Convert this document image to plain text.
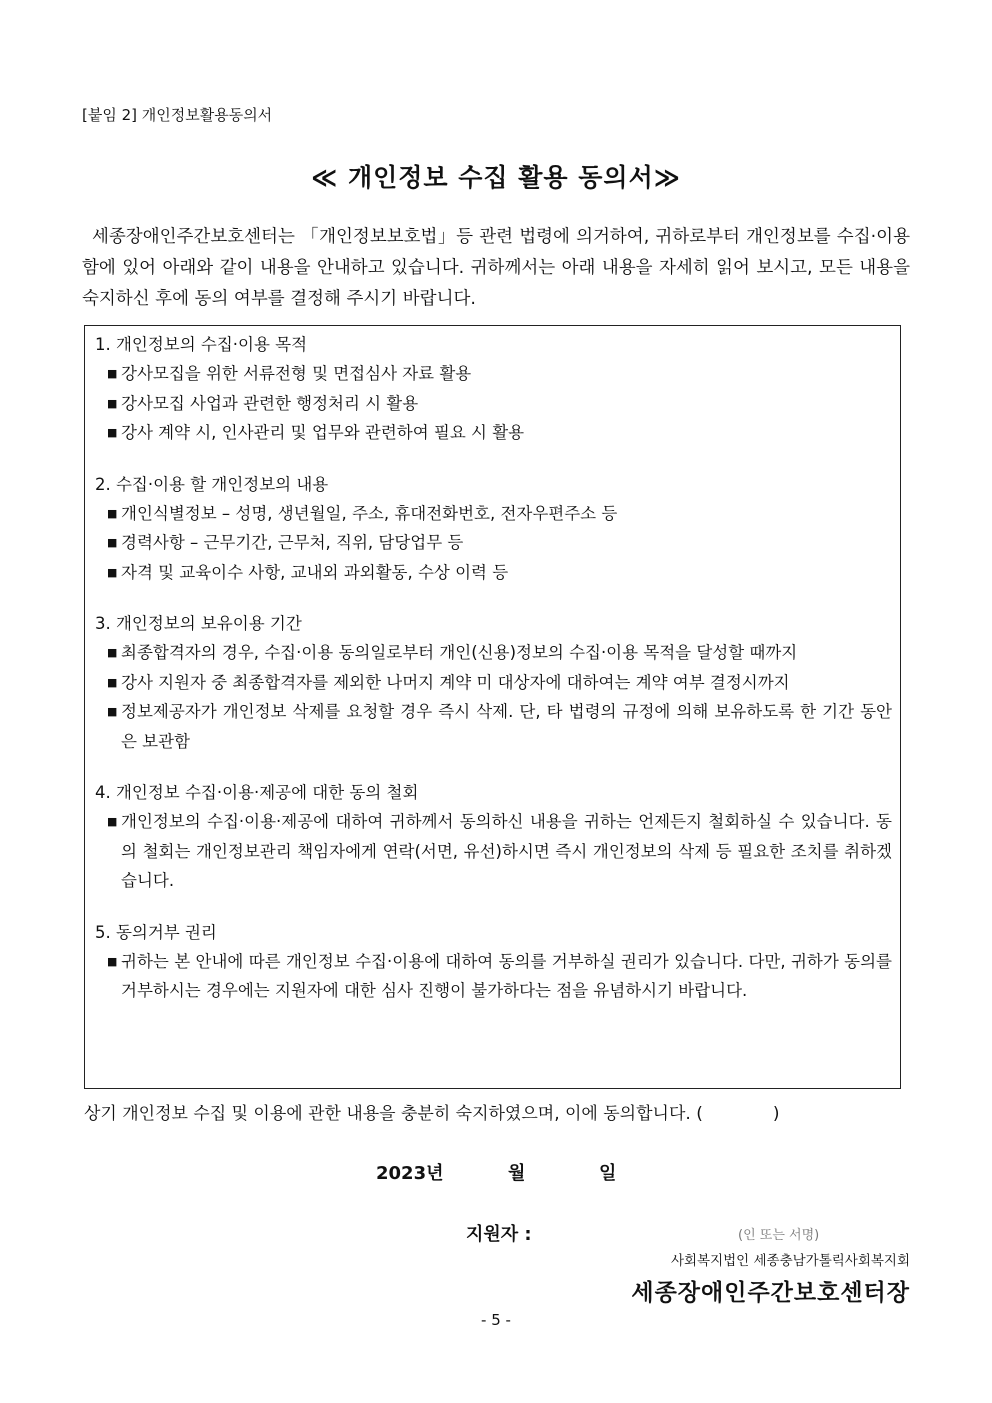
[붙임 2] 개인정보활용동의서
≪ 개인정보 수집 활용 동의서≫
세종장애인주간보호센터는 「개인정보보호법」등 관련 법령에 의거하여, 귀하로부터 개인정보를 수집·이용함에 있어 아래와 같이 내용을 안내하고 있습니다. 귀하께서는 아래 내용을 자세히 읽어 보시고, 모든 내용을 숙지하신 후에 동의 여부를 결정해 주시기 바랍니다.
1. 개인정보의 수집·이용 목적
■ 강사모집을 위한 서류전형 및 면접심사 자료 활용
■ 강사모집 사업과 관련한 행정처리 시 활용
■ 강사 계약 시, 인사관리 및 업무와 관련하여 필요 시 활용
2. 수집·이용 할 개인정보의 내용
■ 개인식별정보 – 성명, 생년월일, 주소, 휴대전화번호, 전자우편주소 등
■ 경력사항 – 근무기간, 근무처, 직위, 담당업무 등
■ 자격 및 교육이수 사항, 교내외 과외활동, 수상 이력 등
3. 개인정보의 보유이용 기간
■ 최종합격자의 경우, 수집·이용 동의일로부터 개인(신용)정보의 수집·이용 목적을 달성할 때까지
■ 강사 지원자 중 최종합격자를 제외한 나머지 계약 미 대상자에 대하여는 계약 여부 결정시까지
■ 정보제공자가 개인정보 삭제를 요청할 경우 즉시 삭제. 단, 타 법령의 규정에 의해 보유하도록 한 기간 동안은 보관함
4. 개인정보 수집·이용·제공에 대한 동의 철회
■ 개인정보의 수집·이용·제공에 대하여 귀하께서 동의하신 내용을 귀하는 언제든지 철회하실 수 있습니다. 동의 철회는 개인정보관리 책임자에게 연락(서면, 유선)하시면 즉시 개인정보의 삭제 등 필요한 조치를 취하겠습니다.
5. 동의거부 권리
■ 귀하는 본 안내에 따른 개인정보 수집·이용에 대하여 동의를 거부하실 권리가 있습니다. 다만, 귀하가 동의를 거부하시는 경우에는 지원자에 대한 심사 진행이 불가하다는 점을 유념하시기 바랍니다.
상기 개인정보 수집 및 이용에 관한 내용을 충분히 숙지하였으며, 이에 동의합니다. (	)
2023년	월	일
지원자 :	(인 또는 서명)
사회복지법인 세종충남가톨릭사회복지회
세종장애인주간보호센터장
- 5 -
